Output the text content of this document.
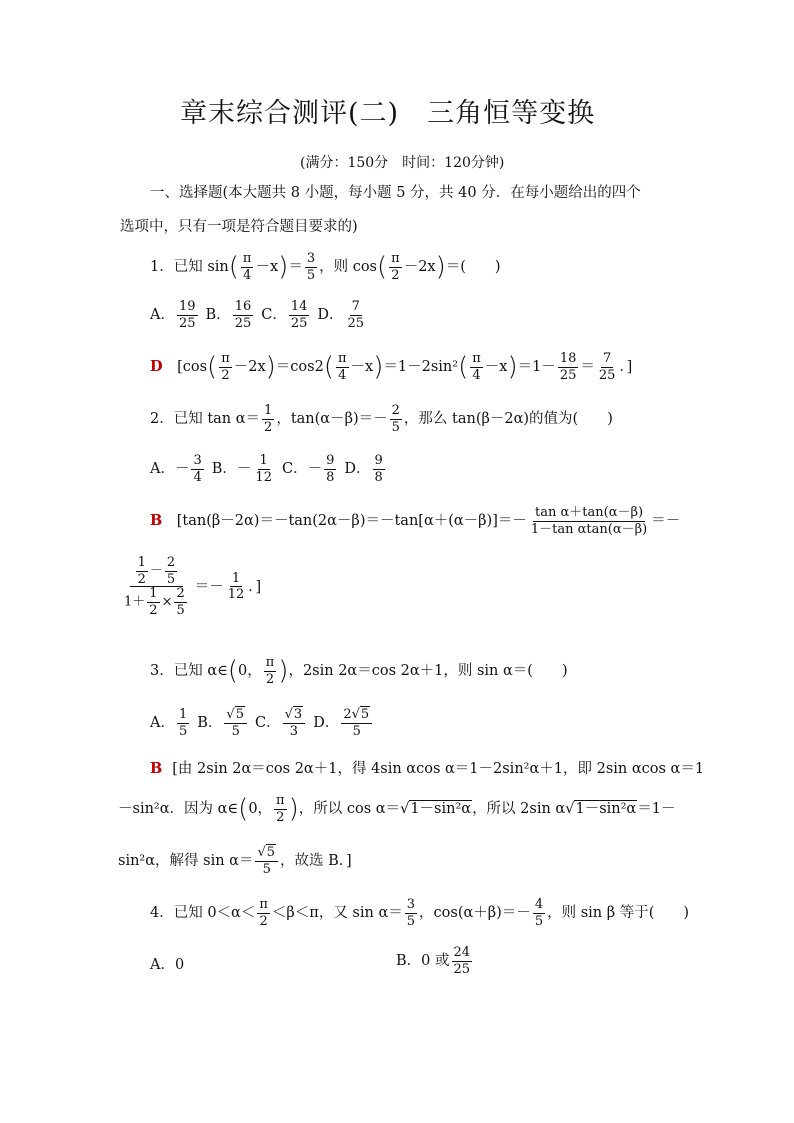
章末综合测评(二)　三角恒等变换
(满分：150分　时间：120分钟)
一、选择题(本大题共 8 小题，每小题 5 分，共 40 分．在每小题给出的四个
选项中，只有一项是符合题目要求的)
1．已知 sin ( $\frac{\pi}{4} -x$ ) ＝ $\frac{3}{5}$ ，则 cos ( $\frac{\pi}{2} -2x$ ) ＝(　　)
A． $\frac{19}{25}$ B． $\frac{16}{25}$ C． $\frac{14}{25}$ D． $\frac{7}{25}$
D 　[cos ( $\frac{\pi}{2} -2x$ ) ＝cos2 ( $\frac{\pi}{4} -x$ ) ＝1－2sin² ( $\frac{\pi}{4} -x$ ) $=1- \frac{18}{25} = \frac{7}{25}$ ．]
2．已知 $\tan \alpha= \frac{1}{2}$ ，$\tan(\alpha-\beta)=- \frac{2}{5}$ ，那么 tan(β－2α)的值为(　　)
A．－ $\frac{3}{4}$ B．－ $\frac{1}{12}$ C．－ $\frac{9}{8}$ D． $\frac{9}{8}$
B 　[$\tan(\beta-2\alpha)=-\tan(2\alpha-\beta)=-\tan[\alpha+(\alpha-\beta)]=- \frac{\text{tan α＋tan(α－β)}}{\text{1－tan αtan(α－β)}}$ ＝－
$\frac{\frac{1}{2} - \frac{2}{5}}{1+ \frac{1}{2} \times \frac{2}{5}} =- \frac{1}{12}$ ．]
3．已知 α∈ ( 0， $\frac{\pi}{2}$ ) ，2sin 2α＝cos 2α＋1，则 sin α＝(　　)
A． $\frac{1}{5}$ B． $\frac{√5}{5}$ C． $\frac{√3}{3}$ D． $\frac{2√5}{5}$
B [由 2sin 2α＝cos 2α＋1，得 4sin αcos α＝1－2sin²α＋1，即 2sin αcos α＝1
－sin²α．因为 α∈ ( 0， $\frac{\pi}{2}$ ) ，所以 cos α＝ √1－sin²α ，所以 2sin α √1－sin²α ＝1－
sin²α，解得 $\sin \alpha= \frac{√5}{5}$ ，故选 B．]
4．已知 $0<\alpha< \frac{\pi}{2} <\beta<\pi$，又 $\sin \alpha= \frac{3}{5}$ ，$\cos(\alpha+\beta)=- \frac{4}{5}$ ，则 sin β 等于(　　)
A．0	B．0 或 $\frac{24}{25}$
